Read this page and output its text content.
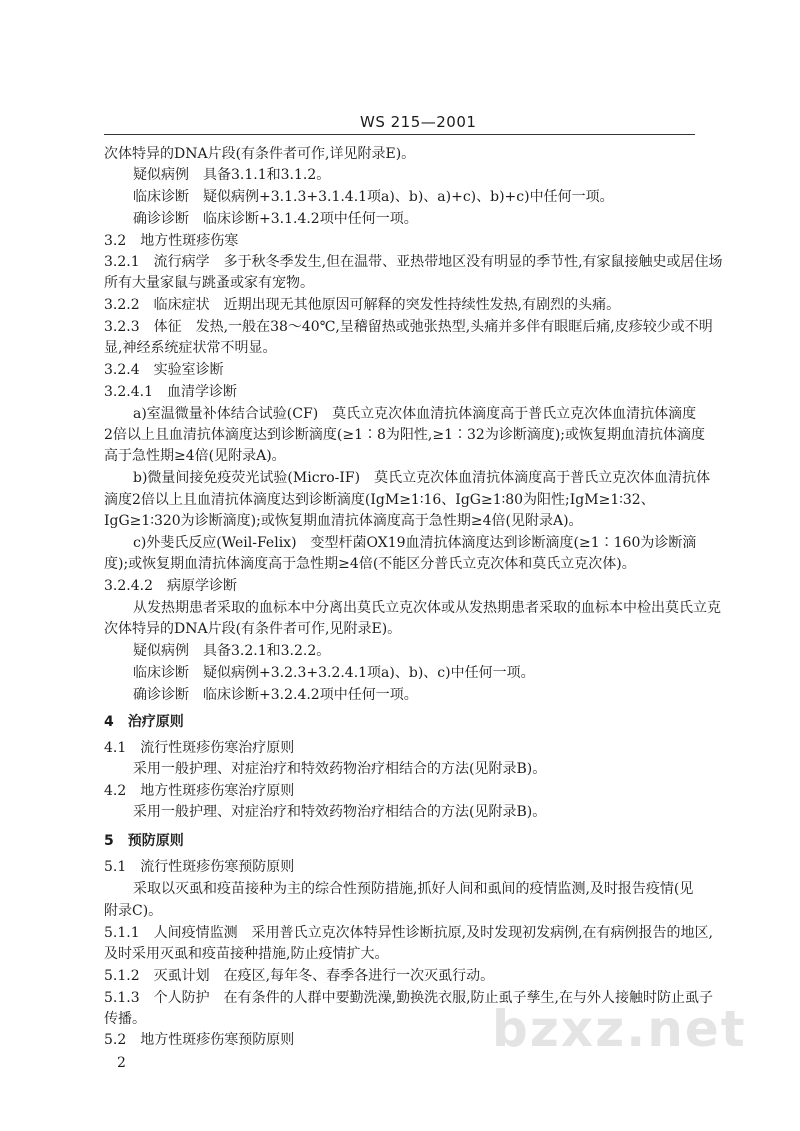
WS 215—2001
次体特异的DNA片段(有条件者可作,详见附录E)。
疑似病例　具备3.1.1和3.1.2。
临床诊断　疑似病例+3.1.3+3.1.4.1项a)、b)、a)+c)、b)+c)中任何一项。
确诊诊断　临床诊断+3.1.4.2项中任何一项。
3.2　地方性斑疹伤寒
3.2.1　流行病学　多于秋冬季发生,但在温带、亚热带地区没有明显的季节性,有家鼠接触史或居住场
所有大量家鼠与跳蚤或家有宠物。
3.2.2　临床症状　近期出现无其他原因可解释的突发性持续性发热,有剧烈的头痛。
3.2.3　体征　发热,一般在38～40℃,呈稽留热或弛张热型,头痛并多伴有眼眶后痛,皮疹较少或不明
显,神经系统症状常不明显。
3.2.4　实验室诊断
3.2.4.1　血清学诊断
a)室温微量补体结合试验(CF)　莫氏立克次体血清抗体滴度高于普氏立克次体血清抗体滴度
2倍以上且血清抗体滴度达到诊断滴度(≥1∶8为阳性,≥1∶32为诊断滴度);或恢复期血清抗体滴度
高于急性期≥4倍(见附录A)。
b)微量间接免疫荧光试验(Micro-IF)　莫氏立克次体血清抗体滴度高于普氏立克次体血清抗体
滴度2倍以上且血清抗体滴度达到诊断滴度(IgM≥1∶16、IgG≥1∶80为阳性;IgM≥1∶32、
IgG≥1∶320为诊断滴度);或恢复期血清抗体滴度高于急性期≥4倍(见附录A)。
c)外斐氏反应(Weil-Felix)　变型杆菌OX19血清抗体滴度达到诊断滴度(≥1∶160为诊断滴
度);或恢复期血清抗体滴度高于急性期≥4倍(不能区分普氏立克次体和莫氏立克次体)。
3.2.4.2　病原学诊断
从发热期患者采取的血标本中分离出莫氏立克次体或从发热期患者采取的血标本中检出莫氏立克
次体特异的DNA片段(有条件者可作,见附录E)。
疑似病例　具备3.2.1和3.2.2。
临床诊断　疑似病例+3.2.3+3.2.4.1项a)、b)、c)中任何一项。
确诊诊断　临床诊断+3.2.4.2项中任何一项。
4　治疗原则
4.1　流行性斑疹伤寒治疗原则
采用一般护理、对症治疗和特效药物治疗相结合的方法(见附录B)。
4.2　地方性斑疹伤寒治疗原则
采用一般护理、对症治疗和特效药物治疗相结合的方法(见附录B)。
5　预防原则
5.1　流行性斑疹伤寒预防原则
采取以灭虱和疫苗接种为主的综合性预防措施,抓好人间和虱间的疫情监测,及时报告疫情(见
附录C)。
5.1.1　人间疫情监测　采用普氏立克次体特异性诊断抗原,及时发现初发病例,在有病例报告的地区,
及时采用灭虱和疫苗接种措施,防止疫情扩大。
5.1.2　灭虱计划　在疫区,每年冬、春季各进行一次灭虱行动。
5.1.3　个人防护　在有条件的人群中要勤洗澡,勤换洗衣服,防止虱子孳生,在与外人接触时防止虱子
传播。
5.2　地方性斑疹伤寒预防原则	bzxz.net
2
